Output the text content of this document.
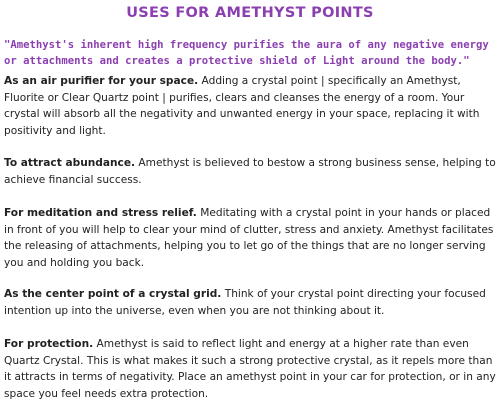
USES FOR AMETHYST POINTS
"Amethyst's inherent high frequency purifies the aura of any negative energy or attachments and creates a protective shield of Light around the body."
As an air purifier for your space. Adding a crystal point | specifically an Amethyst, Fluorite or Clear Quartz point | purifies, clears and cleanses the energy of a room. Your crystal will absorb all the negativity and unwanted energy in your space, replacing it with positivity and light.
To attract abundance. Amethyst is believed to bestow a strong business sense, helping to achieve financial success.
For meditation and stress relief. Meditating with a crystal point in your hands or placed in front of you will help to clear your mind of clutter, stress and anxiety. Amethyst facilitates the releasing of attachments, helping you to let go of the things that are no longer serving you and holding you back.
As the center point of a crystal grid. Think of your crystal point directing your focused intention up into the universe, even when you are not thinking about it.
For protection. Amethyst is said to reflect light and energy at a higher rate than even Quartz Crystal. This is what makes it such a strong protective crystal, as it repels more than it attracts in terms of negativity. Place an amethyst point in your car for protection, or in any space you feel needs extra protection.
